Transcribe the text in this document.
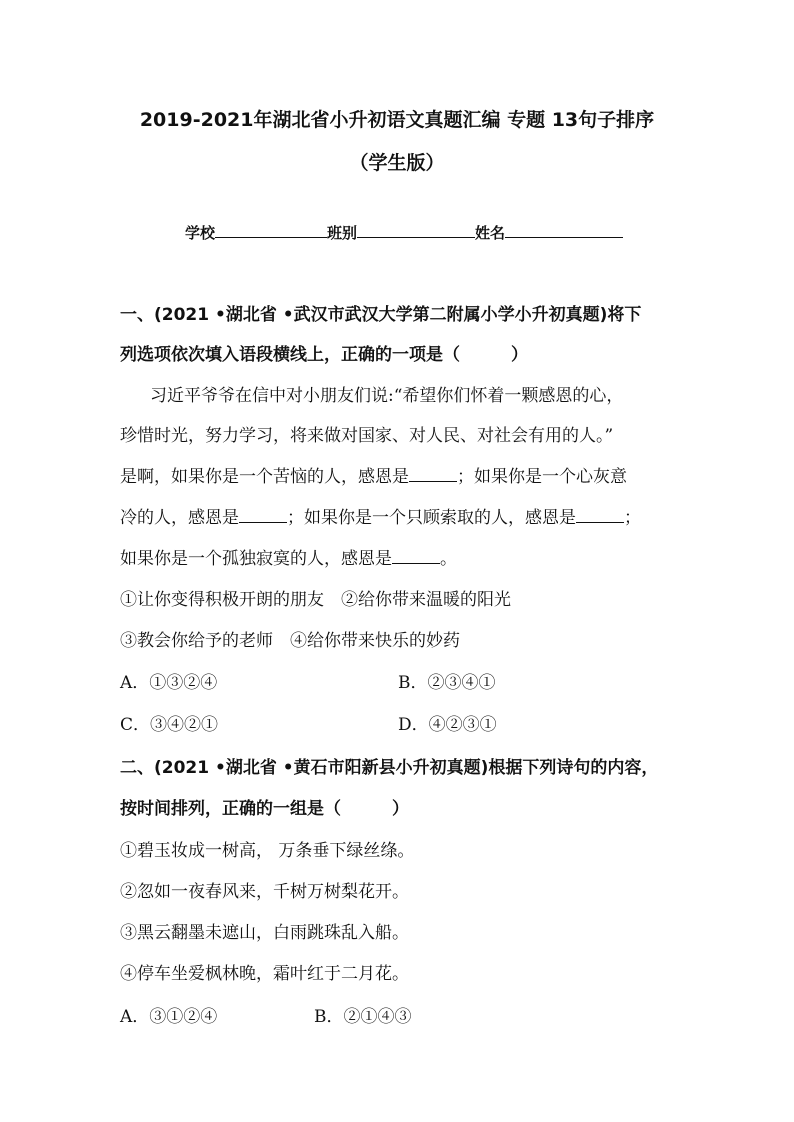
2019-2021年湖北省小升初语文真题汇编 专题 13句子排序
（学生版）
学校	班别	姓名
一、(2021 •湖北省 •武汉市武汉大学第二附属小学小升初真题)将下
列选项依次填入语段横线上，正确的一项是（　　　）
习近平爷爷在信中对小朋友们说:“希望你们怀着一颗感恩的心，
珍惜时光，努力学习，将来做对国家、对人民、对社会有用的人。”
是啊，如果你是一个苦恼的人，感恩是	；如果你是一个心灰意
冷的人，感恩是	；如果你是一个只顾索取的人，感恩是	；
如果你是一个孤独寂寞的人，感恩是	。
①让你变得积极开朗的朋友　②给你带来温暖的阳光
③教会你给予的老师　④给你带来快乐的妙药
A．①③②④	B．②③④①
C．③④②①	D．④②③①
二、(2021 •湖北省 •黄石市阳新县小升初真题)根据下列诗句的内容，
按时间排列，正确的一组是（　　　）
①碧玉妆成一树高， 万条垂下绿丝绦。
②忽如一夜春风来，千树万树梨花开。
③黑云翻墨未遮山，白雨跳珠乱入船。
④停车坐爱枫林晚，霜叶红于二月花。
A．③①②④	B．②①④③
